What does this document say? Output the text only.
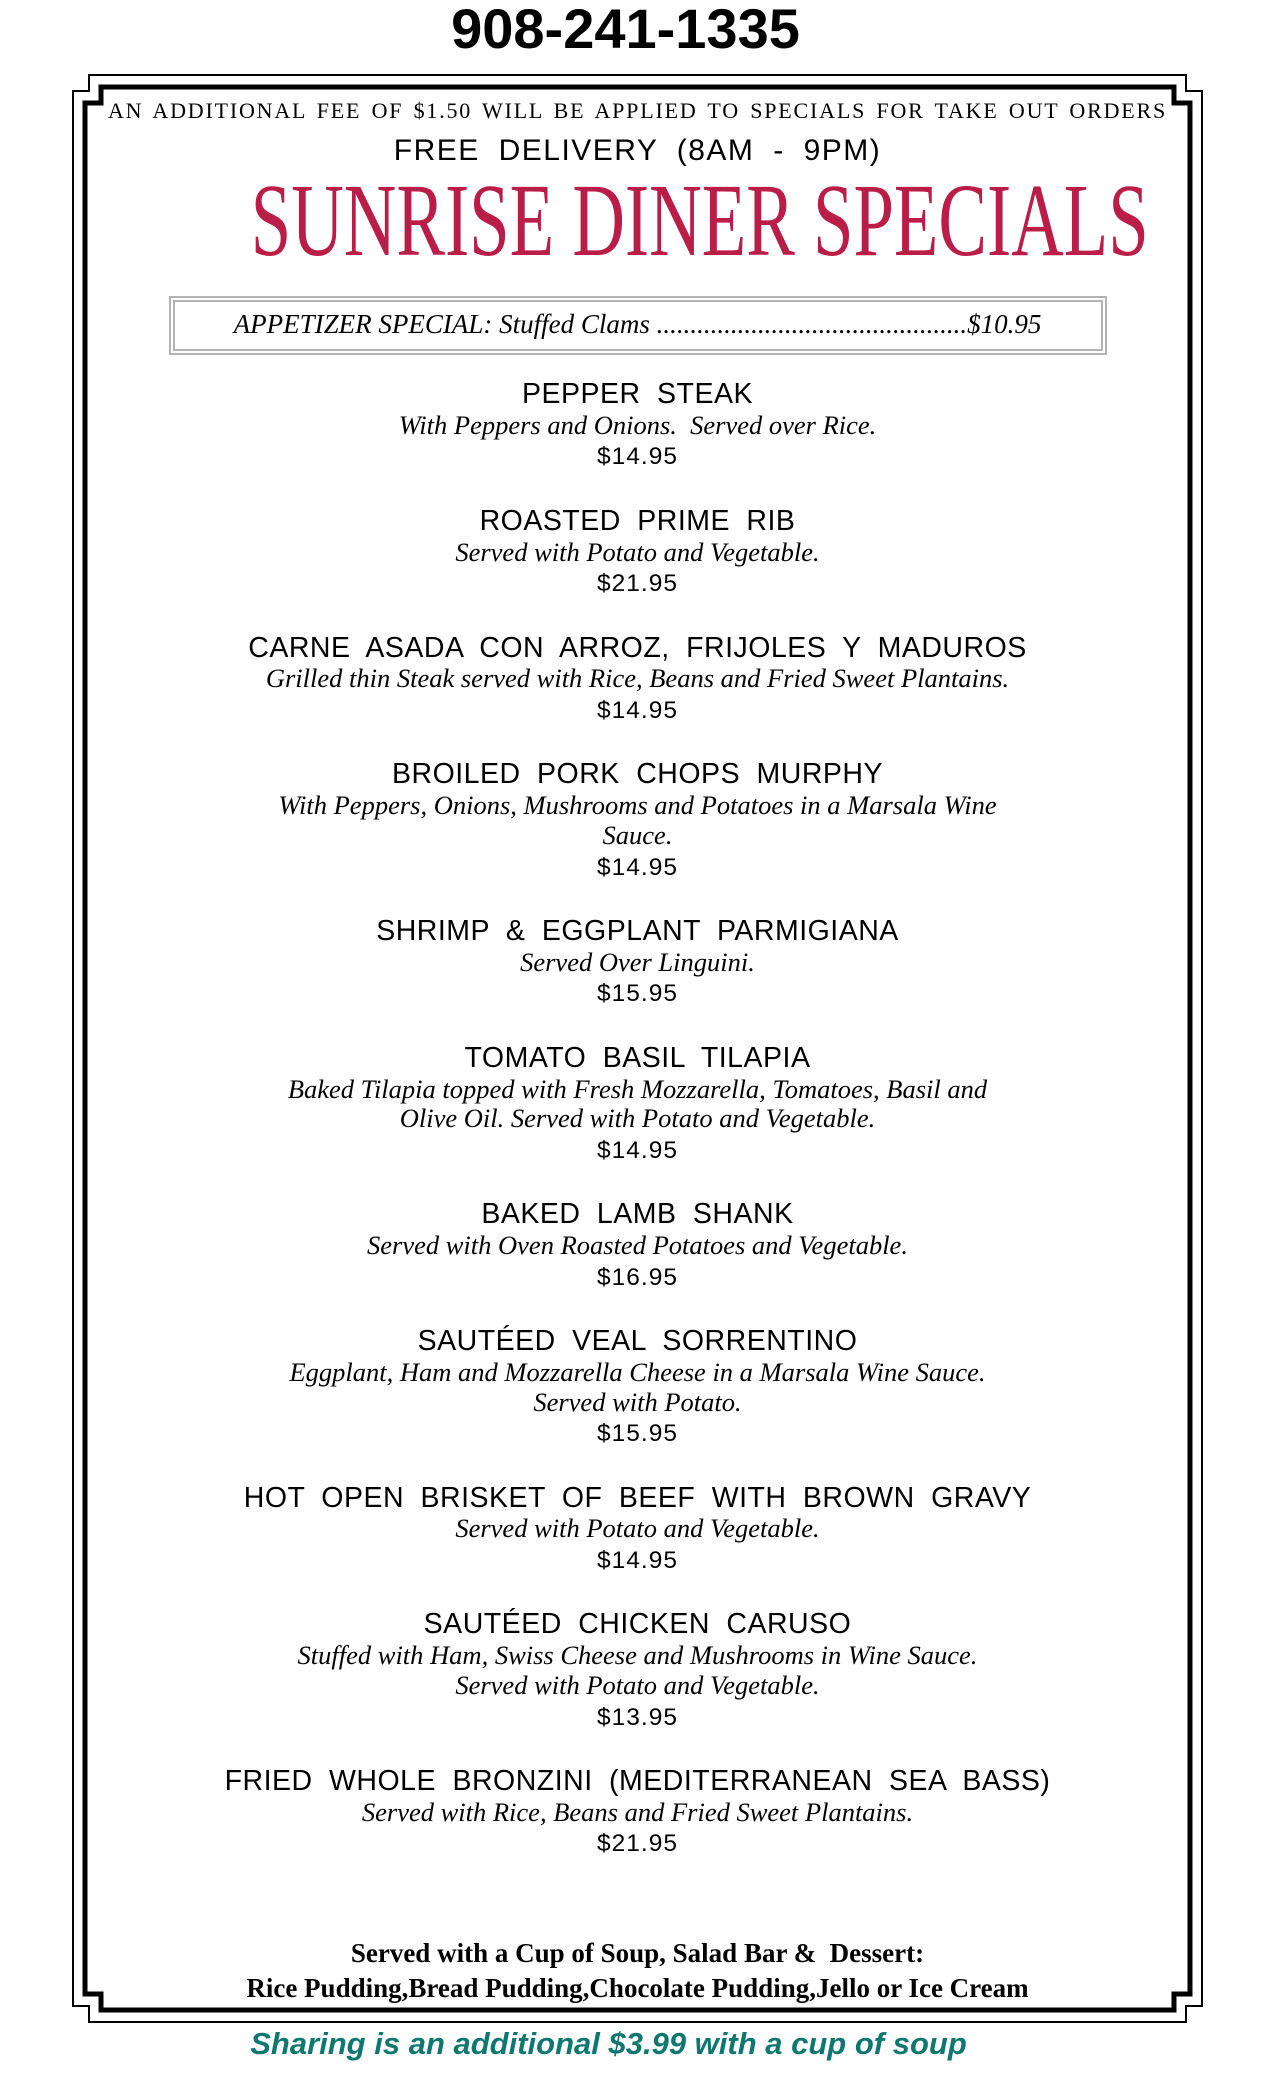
908-241-1335
AN ADDITIONAL FEE OF $1.50 WILL BE APPLIED TO SPECIALS FOR TAKE OUT ORDERS
FREE DELIVERY (8AM - 9PM)
SUNRISE DINER SPECIALS
APPETIZER SPECIAL: Stuffed Clams ..............................................$10.95
PEPPER STEAK
With Peppers and Onions.  Served over Rice.
$14.95
ROASTED PRIME RIB
Served with Potato and Vegetable.
$21.95
CARNE ASADA CON ARROZ, FRIJOLES Y MADUROS
Grilled thin Steak served with Rice, Beans and Fried Sweet Plantains.
$14.95
BROILED PORK CHOPS MURPHY
With Peppers, Onions, Mushrooms and Potatoes in a Marsala Wine
Sauce.
$14.95
SHRIMP & EGGPLANT PARMIGIANA
Served Over Linguini.
$15.95
TOMATO BASIL TILAPIA
Baked Tilapia topped with Fresh Mozzarella, Tomatoes, Basil and
Olive Oil. Served with Potato and Vegetable.
$14.95
BAKED LAMB SHANK
Served with Oven Roasted Potatoes and Vegetable.
$16.95
SAUTÉED VEAL SORRENTINO
Eggplant, Ham and Mozzarella Cheese in a Marsala Wine Sauce.
Served with Potato.
$15.95
HOT OPEN BRISKET OF BEEF WITH BROWN GRAVY
Served with Potato and Vegetable.
$14.95
SAUTÉED CHICKEN CARUSO
Stuffed with Ham, Swiss Cheese and Mushrooms in Wine Sauce.
Served with Potato and Vegetable.
$13.95
FRIED WHOLE BRONZINI (MEDITERRANEAN SEA BASS)
Served with Rice, Beans and Fried Sweet Plantains.
$21.95
Served with a Cup of Soup, Salad Bar &  Dessert:
Rice Pudding,Bread Pudding,Chocolate Pudding,Jello or Ice Cream
Sharing is an additional $3.99 with a cup of soup
